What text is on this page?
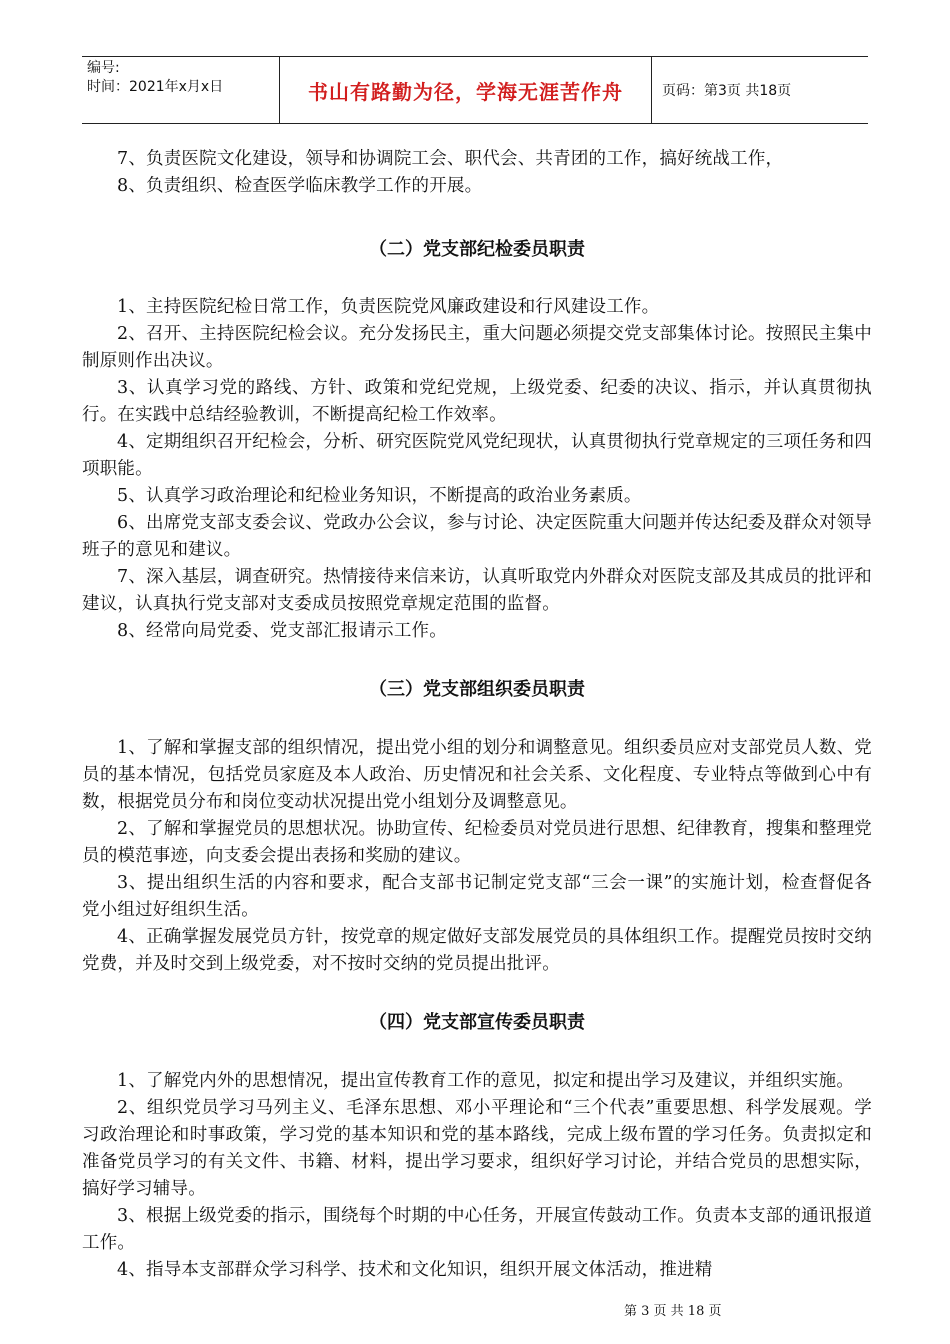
编号:
时间：2021年x月x日	书山有路勤为径，学海无涯苦作舟	页码：第3页 共18页

7、负责医院文化建设，领导和协调院工会、职代会、共青团的工作，搞好统战工作，

8、负责组织、检查医学临床教学工作的开展。

（二）党支部纪检委员职责

1、主持医院纪检日常工作，负责医院党风廉政建设和行风建设工作。

2、召开、主持医院纪检会议。充分发扬民主，重大问题必须提交党支部集体讨论。按照民主集中制原则作出决议。

3、认真学习党的路线、方针、政策和党纪党规，上级党委、纪委的决议、指示，并认真贯彻执行。在实践中总结经验教训，不断提高纪检工作效率。

4、定期组织召开纪检会，分析、研究医院党风党纪现状，认真贯彻执行党章规定的三项任务和四项职能。

5、认真学习政治理论和纪检业务知识，不断提高的政治业务素质。

6、出席党支部支委会议、党政办公会议，参与讨论、决定医院重大问题并传达纪委及群众对领导班子的意见和建议。

7、深入基层，调查研究。热情接待来信来访，认真听取党内外群众对医院支部及其成员的批评和建议，认真执行党支部对支委成员按照党章规定范围的监督。

8、经常向局党委、党支部汇报请示工作。

（三）党支部组织委员职责

1、了解和掌握支部的组织情况，提出党小组的划分和调整意见。组织委员应对支部党员人数、党员的基本情况，包括党员家庭及本人政治、历史情况和社会关系、文化程度、专业特点等做到心中有数，根据党员分布和岗位变动状况提出党小组划分及调整意见。

2、了解和掌握党员的思想状况。协助宣传、纪检委员对党员进行思想、纪律教育，搜集和整理党员的模范事迹，向支委会提出表扬和奖励的建议。

3、提出组织生活的内容和要求，配合支部书记制定党支部“三会一课”的实施计划，检查督促各党小组过好组织生活。

4、正确掌握发展党员方针，按党章的规定做好支部发展党员的具体组织工作。提醒党员按时交纳党费，并及时交到上级党委，对不按时交纳的党员提出批评。

（四）党支部宣传委员职责

1、了解党内外的思想情况，提出宣传教育工作的意见，拟定和提出学习及建议，并组织实施。

2、组织党员学习马列主义、毛泽东思想、邓小平理论和“三个代表”重要思想、科学发展观。学习政治理论和时事政策，学习党的基本知识和党的基本路线，完成上级布置的学习任务。负责拟定和准备党员学习的有关文件、书籍、材料，提出学习要求，组织好学习讨论，并结合党员的思想实际，搞好学习辅导。

3、根据上级党委的指示，围绕每个时期的中心任务，开展宣传鼓动工作。负责本支部的通讯报道工作。

4、指导本支部群众学习科学、技术和文化知识，组织开展文体活动，推进精

第 3 页 共 18 页
